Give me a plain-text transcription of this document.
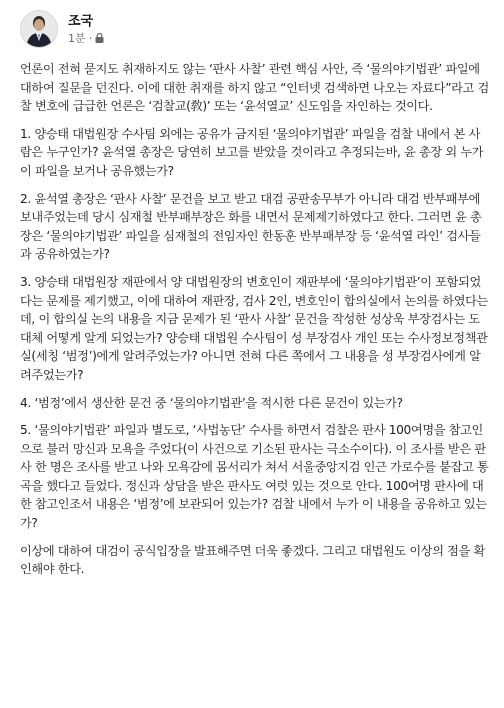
조국
1분 ·

언론이 전혀 묻지도 취재하지도 않는 ‘판사 사찰’ 관련 핵심 사안, 즉 ‘물의야기법관’ 파일에 대하여 질문을 던진다. 이에 대한 취재를 하지 않고 “인터넷 검색하면 나오는 자료다”라고 검찰 변호에 급급한 언론은 ‘검찰교(敎)’ 또는 ‘윤석열교’ 신도임을 자인하는 것이다.

1. 양승태 대법원장 수사팀 외에는 공유가 금지된 ‘물의야기법관’ 파일을 검찰 내에서 본 사람은 누구인가? 윤석열 총장은 당연히 보고를 받았을 것이라고 추정되는바, 윤 총장 외 누가 이 파일을 보거나 공유했는가?

2. 윤석열 총장은 ‘판사 사찰’ 문건을 보고 받고 대검 공판송무부가 아니라 대검 반부패부에 보내주었는데 당시 심재철 반부패부장은 화를 내면서 문제제기하였다고 한다. 그러면 윤 총장은 ‘물의야기법관’ 파일을 심재철의 전임자인 한동훈 반부패부장 등 ‘윤석열 라인’ 검사들과 공유하였는가?

3. 양승태 대법원장 재판에서 양 대법원장의 변호인이 재판부에 ‘물의야기법관’이 포함되었다는 문제를 제기했고, 이에 대하여 재판장, 검사 2인, 변호인이 합의실에서 논의를 하였다는데, 이 합의실 논의 내용을 지금 문제가 된 ‘판사 사찰’ 문건을 작성한 성상욱 부장검사는 도대체 어떻게 알게 되었는가? 양승태 대법원 수사팀이 성 부장검사 개인 또는 수사정보정책관실(세칭 ‘범정’)에게 알려주었는가? 아니면 전혀 다른 쪽에서 그 내용을 성 부장검사에게 알려주었는가?

4. ‘범정’에서 생산한 문건 중 ‘물의야기법관’을 적시한 다른 문건이 있는가?

5. ‘물의야기법관’ 파일과 별도로, ‘사법농단’ 수사를 하면서 검찰은 판사 100여명을 참고인으로 불러 망신과 모욕을 주었다(이 사건으로 기소된 판사는 극소수이다). 이 조사를 받은 판사 한 명은 조사를 받고 나와 모욕감에 몸서리가 쳐서 서울중앙지검 인근 가로수를 붙잡고 통곡을 했다고 들었다. 정신과 상담을 받은 판사도 여럿 있는 것으로 안다. 100여명 판사에 대한 참고인조서 내용은 ‘범정’에 보관되어 있는가? 검찰 내에서 누가 이 내용을 공유하고 있는가?

이상에 대하여 대검이 공식입장을 발표해주면 더욱 좋겠다. 그리고 대법원도 이상의 점을 확인해야 한다.
